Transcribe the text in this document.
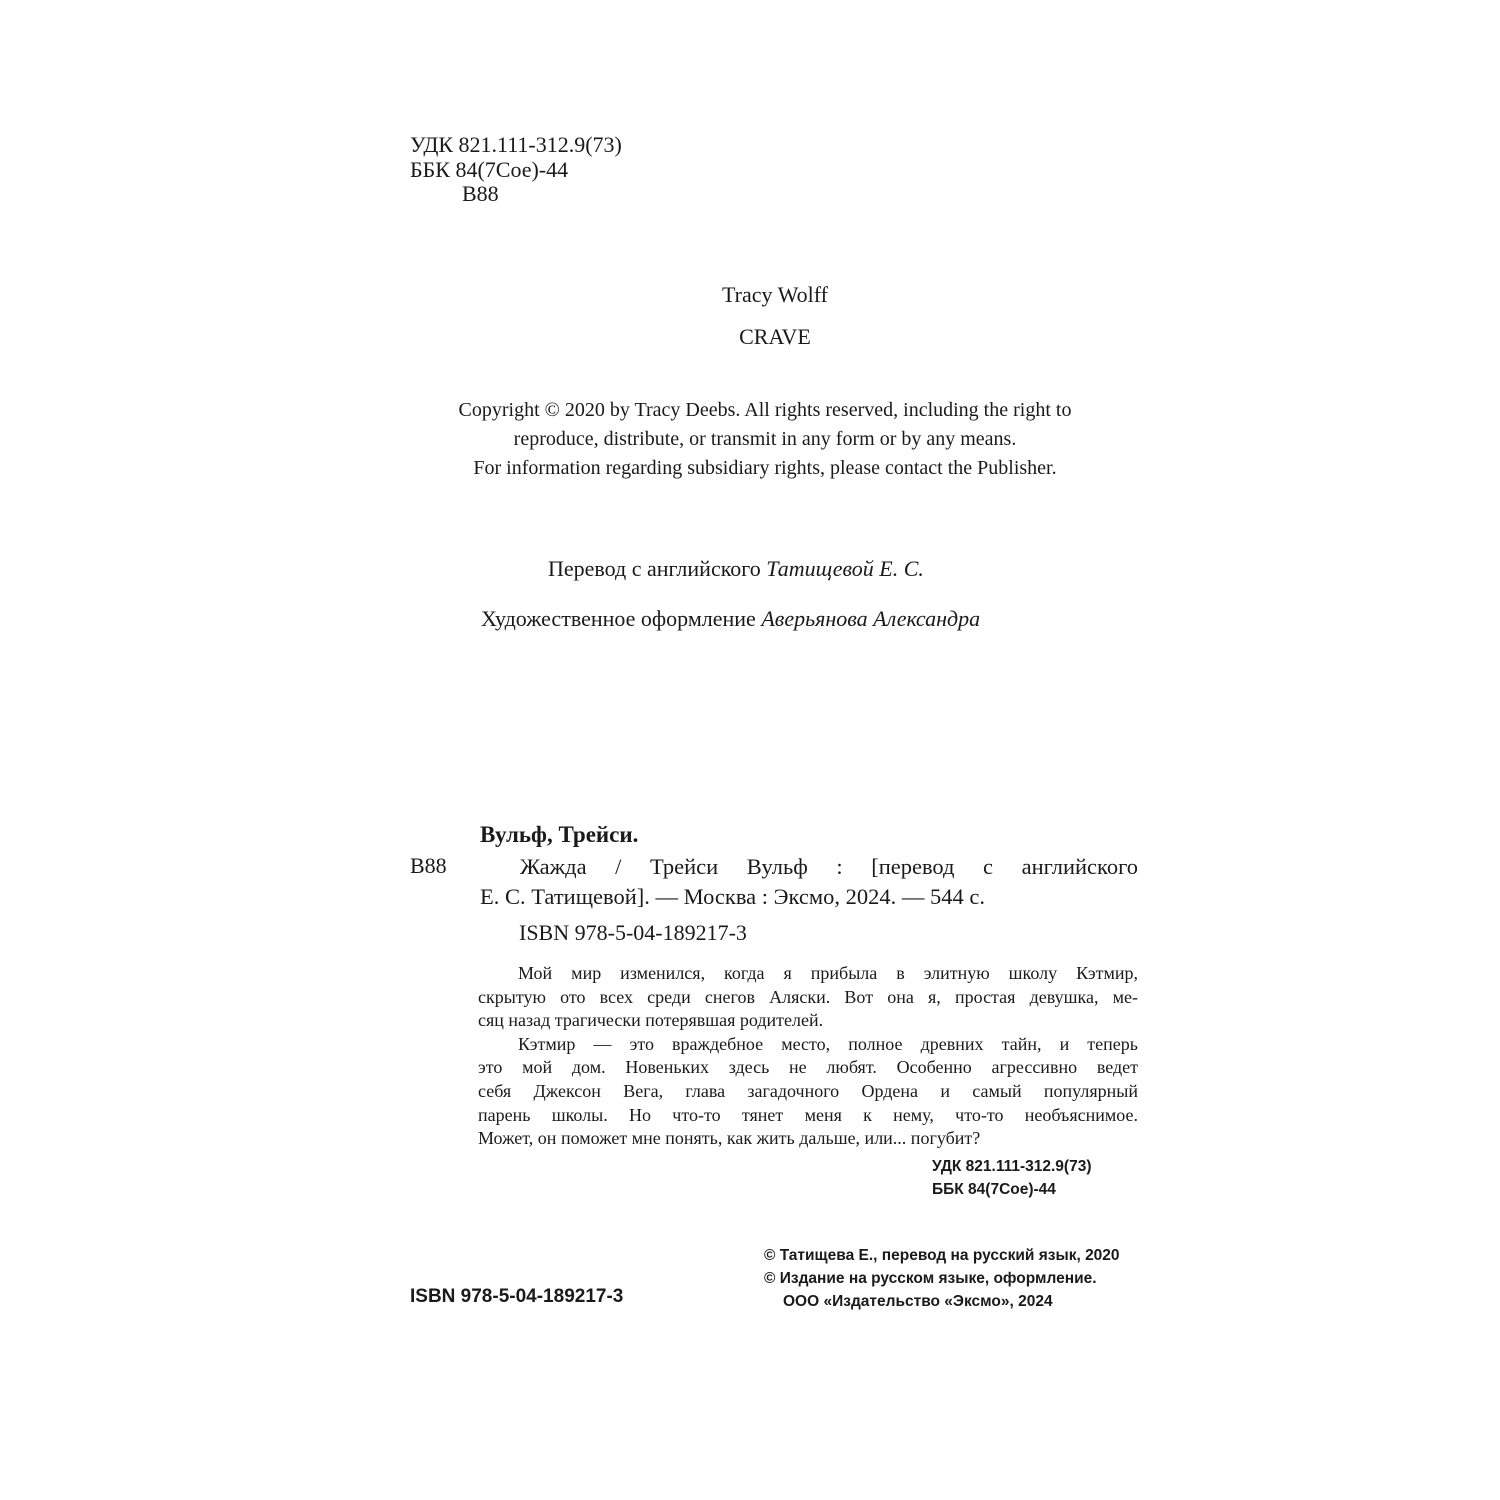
УДК 821.111-312.9(73)
ББК 84(7Сое)-44
В88
Tracy Wolff
CRAVE
Copyright © 2020 by Tracy Deebs. All rights reserved, including the right to
reproduce, distribute, or transmit in any form or by any means.
For information regarding subsidiary rights, please contact the Publisher.
Перевод с английского Татищевой Е. С.
Художественное оформление Аверьянова Александра
Вульф, Трейси.
В88	Жажда / Трейси Вульф : [перевод с английского
Е. С. Татищевой]. — Москва : Эксмо, 2024. — 544 с.
ISBN 978-5-04-189217-3
Мой мир изменился, когда я прибыла в элитную школу Кэтмир,
скрытую ото всех среди снегов Аляски. Вот она я, простая девушка, ме-
сяц назад трагически потерявшая родителей.
Кэтмир — это враждебное место, полное древних тайн, и теперь
это мой дом. Новеньких здесь не любят. Особенно агрессивно ведет
себя Джексон Вега, глава загадочного Ордена и самый популярный
парень школы. Но что-то тянет меня к нему, что-то необъяснимое.
Может, он поможет мне понять, как жить дальше, или... погубит?
УДК 821.111-312.9(73)
ББК 84(7Сое)-44
© Татищева Е., перевод на русский язык, 2020
© Издание на русском языке, оформление.
ООО «Издательство «Эксмо», 2024
ISBN 978-5-04-189217-3
